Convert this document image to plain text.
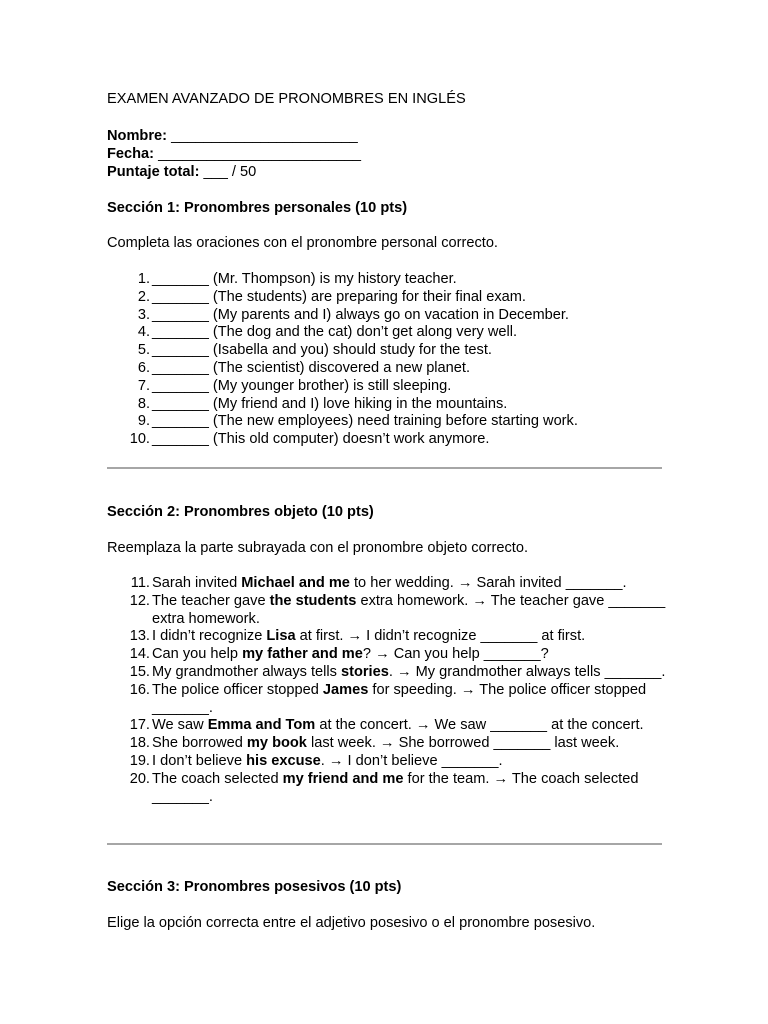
EXAMEN AVANZADO DE PRONOMBRES EN INGLÉS
Nombre: _______________________
Fecha: _________________________
Puntaje total: ___ / 50
Sección 1: Pronombres personales (10 pts)
Completa las oraciones con el pronombre personal correcto.
1. _______ (Mr. Thompson) is my history teacher.
2. _______ (The students) are preparing for their final exam.
3. _______ (My parents and I) always go on vacation in December.
4. _______ (The dog and the cat) don’t get along very well.
5. _______ (Isabella and you) should study for the test.
6. _______ (The scientist) discovered a new planet.
7. _______ (My younger brother) is still sleeping.
8. _______ (My friend and I) love hiking in the mountains.
9. _______ (The new employees) need training before starting work.
10. _______ (This old computer) doesn’t work anymore.
Sección 2: Pronombres objeto (10 pts)
Reemplaza la parte subrayada con el pronombre objeto correcto.
11. Sarah invited Michael and me to her wedding. → Sarah invited _______.
12. The teacher gave the students extra homework. → The teacher gave _______ extra homework.
13. I didn’t recognize Lisa at first. → I didn’t recognize _______ at first.
14. Can you help my father and me? → Can you help _______?
15. My grandmother always tells stories. → My grandmother always tells _______.
16. The police officer stopped James for speeding. → The police officer stopped _______.
17. We saw Emma and Tom at the concert. → We saw _______ at the concert.
18. She borrowed my book last week. → She borrowed _______ last week.
19. I don’t believe his excuse. → I don’t believe _______.
20. The coach selected my friend and me for the team. → The coach selected _______.
Sección 3: Pronombres posesivos (10 pts)
Elige la opción correcta entre el adjetivo posesivo o el pronombre posesivo.
